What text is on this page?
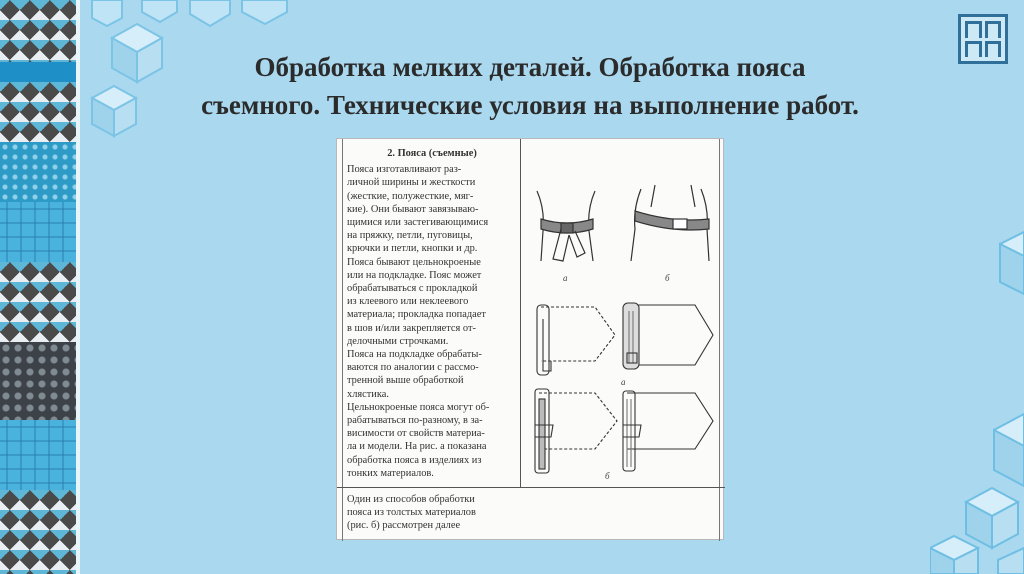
Обработка мелких деталей. Обработка пояса
съемного. Технические условия на выполнение работ.
2. Пояса (съемные)
Пояса изготавливают раз-
личной ширины и жесткости
(жесткие, полужесткие, мяг-
кие). Они бывают завязываю-
щимися или застегивающимися
на пряжку, петли, пуговицы,
крючки и петли, кнопки и др.
Пояса бывают цельнокроеные
или на подкладке. Пояс может
обрабатываться с прокладкой
из клеевого или неклеевого
материала; прокладка попадает
в шов и/или закрепляется от-
делочными строчками.
Пояса на подкладке обрабаты-
ваются по аналогии с рассмо-
тренной выше обработкой
хлястика.
Цельнокроеные пояса могут об-
рабатываться по-разному, в за-
висимости от свойств материа-
ла и модели. На рис. а показана
обработка пояса в изделиях из
тонких материалов.
Один из способов обработки
пояса из толстых материалов
(рис. б) рассмотрен далее
а	б
а
б
